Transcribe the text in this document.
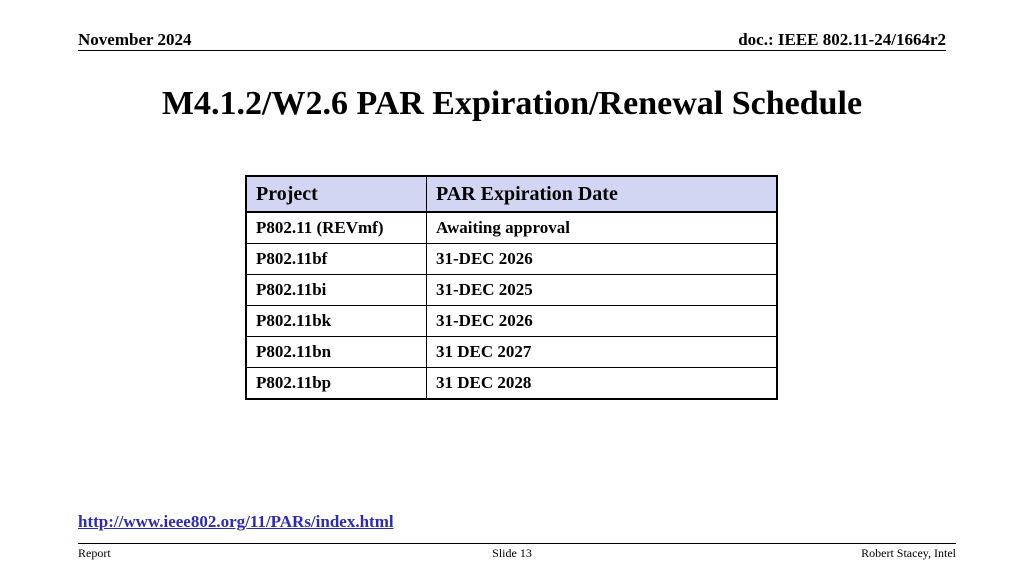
November 2024	doc.: IEEE 802.11-24/1664r2
M4.1.2/W2.6 PAR Expiration/Renewal Schedule
Project	PAR Expiration Date
P802.11 (REVmf)	Awaiting approval
P802.11bf	31-DEC 2026
P802.11bi	31-DEC 2025
P802.11bk	31-DEC 2026
P802.11bn	31 DEC 2027
P802.11bp	31 DEC 2028
http://www.ieee802.org/11/PARs/index.html
Report	Slide 13	Robert Stacey, Intel
